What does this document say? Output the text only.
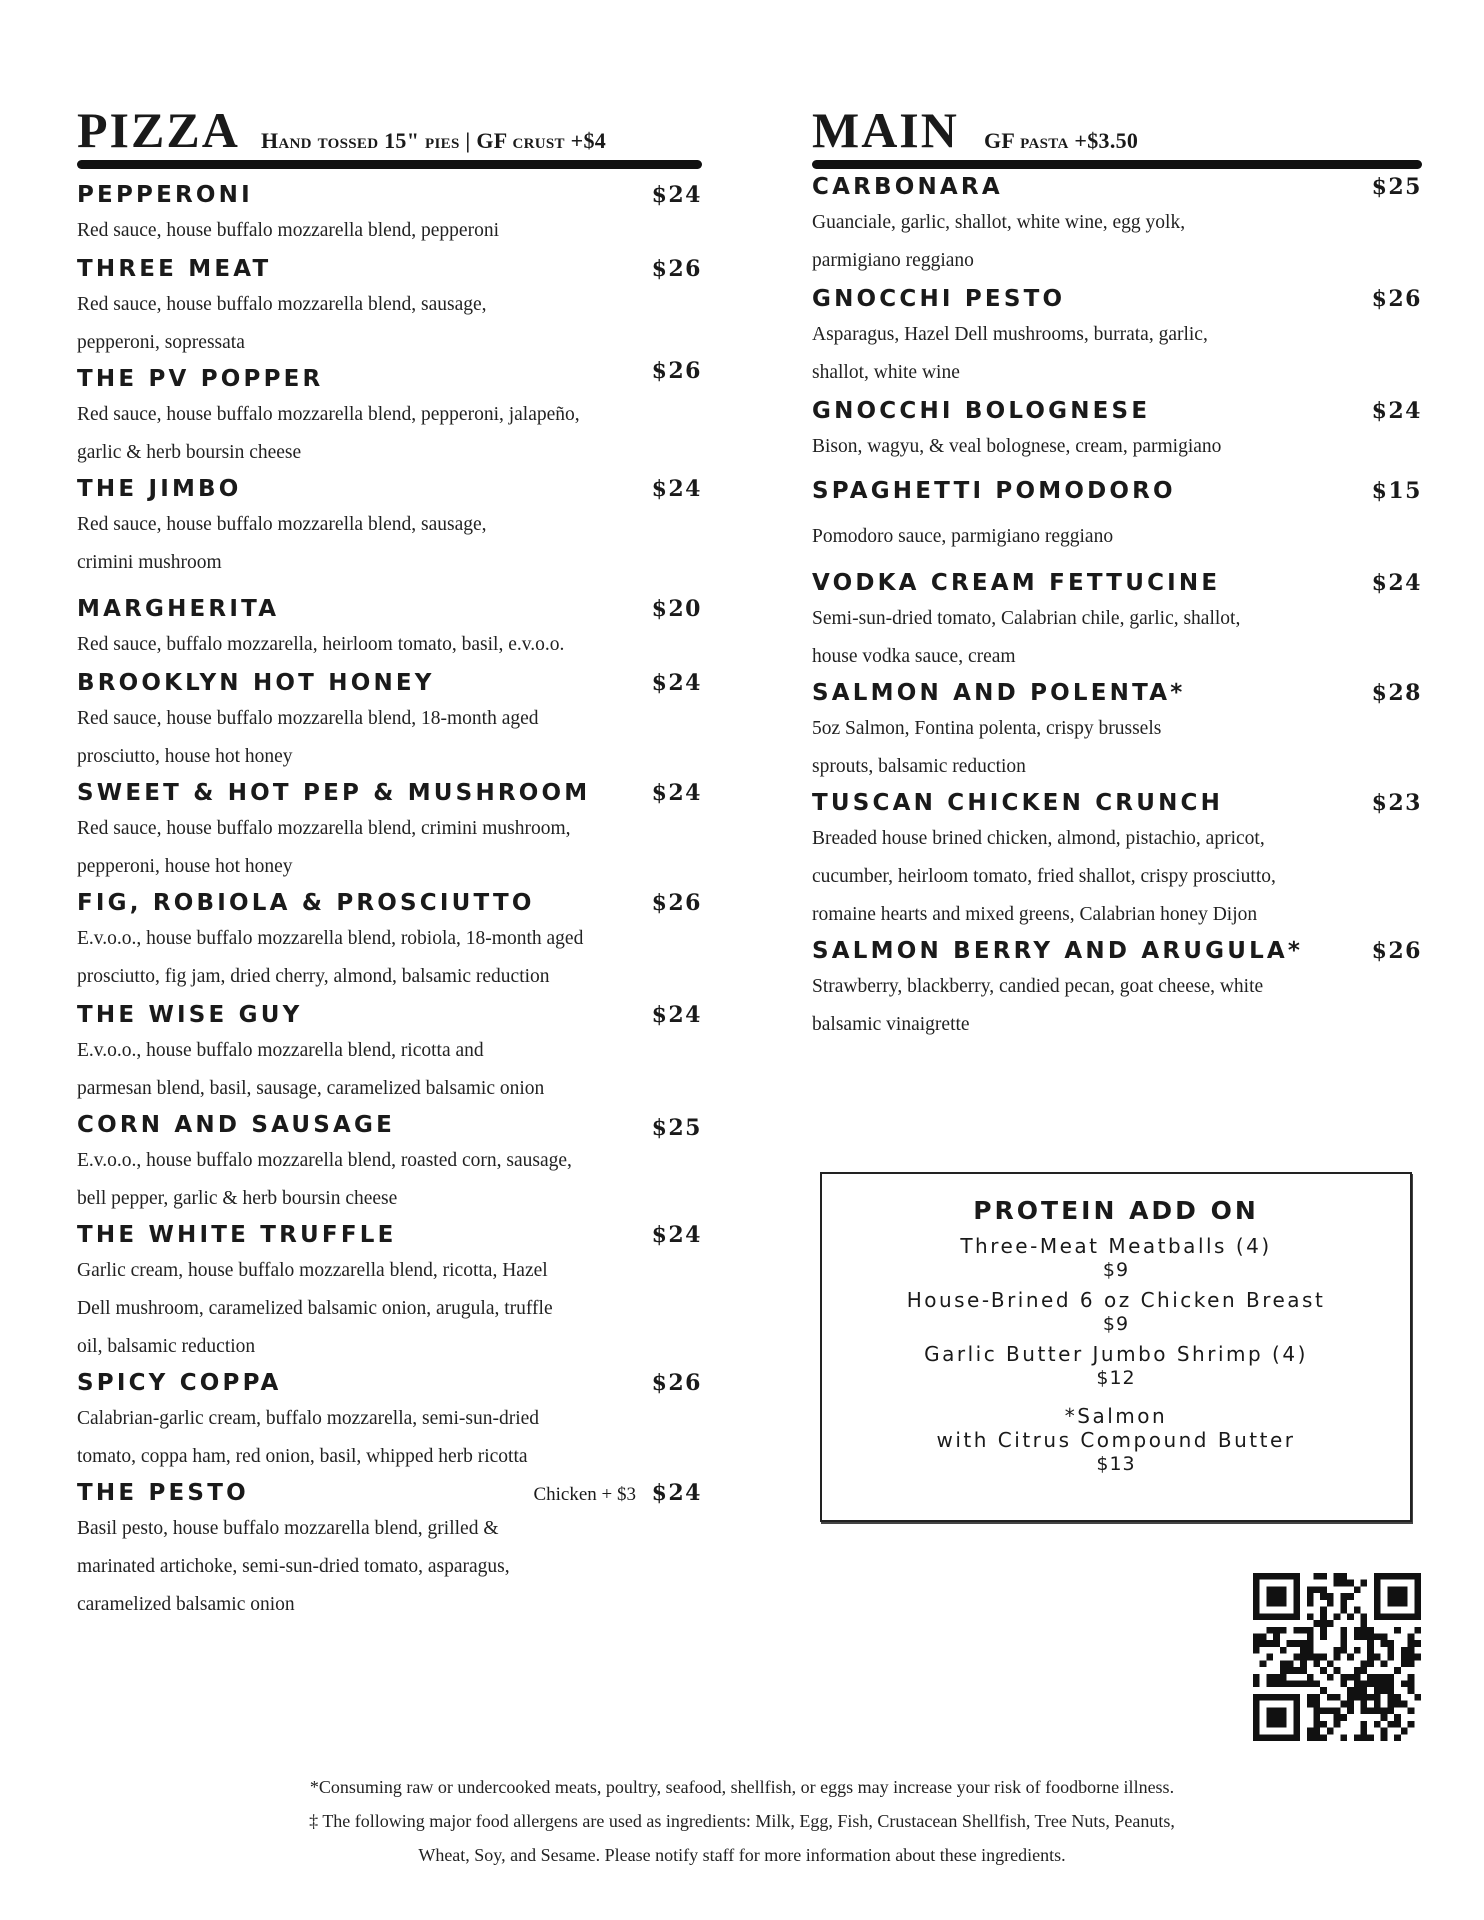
PIZZA Hand tossed 15" pies | GF crust +$4
PEPPERONI	$24
Red sauce, house buffalo mozzarella blend, pepperoni
THREE MEAT	$26
Red sauce, house buffalo mozzarella blend, sausage,
pepperoni, sopressata
THE PV POPPER	$26
Red sauce, house buffalo mozzarella blend, pepperoni, jalapeño,
garlic & herb boursin cheese
THE JIMBO	$24
Red sauce, house buffalo mozzarella blend, sausage,
crimini mushroom
MARGHERITA	$20
Red sauce, buffalo mozzarella, heirloom tomato, basil, e.v.o.o.
BROOKLYN HOT HONEY	$24
Red sauce, house buffalo mozzarella blend, 18-month aged
prosciutto, house hot honey
SWEET & HOT PEP & MUSHROOM	$24
Red sauce, house buffalo mozzarella blend, crimini mushroom,
pepperoni, house hot honey
FIG, ROBIOLA & PROSCIUTTO	$26
E.v.o.o., house buffalo mozzarella blend, robiola, 18-month aged
prosciutto, fig jam, dried cherry, almond, balsamic reduction
THE WISE GUY	$24
E.v.o.o., house buffalo mozzarella blend, ricotta and
parmesan blend, basil, sausage, caramelized balsamic onion
CORN AND SAUSAGE	$25
E.v.o.o., house buffalo mozzarella blend, roasted corn, sausage,
bell pepper, garlic & herb boursin cheese
THE WHITE TRUFFLE	$24
Garlic cream, house buffalo mozzarella blend, ricotta, Hazel
Dell mushroom, caramelized balsamic onion, arugula, truffle
oil, balsamic reduction
SPICY COPPA	$26
Calabrian-garlic cream, buffalo mozzarella, semi-sun-dried
tomato, coppa ham, red onion, basil, whipped herb ricotta
THE PESTO	$24
Chicken + $3
Basil pesto, house buffalo mozzarella blend, grilled &
marinated artichoke, semi-sun-dried tomato, asparagus,
caramelized balsamic onion
MAIN GF pasta +$3.50
CARBONARA	$25
Guanciale, garlic, shallot, white wine, egg yolk,
parmigiano reggiano
GNOCCHI PESTO	$26
Asparagus, Hazel Dell mushrooms, burrata, garlic,
shallot, white wine
GNOCCHI BOLOGNESE	$24
Bison, wagyu, & veal bolognese, cream, parmigiano
SPAGHETTI POMODORO	$15
Pomodoro sauce, parmigiano reggiano
VODKA CREAM FETTUCINE	$24
Semi-sun-dried tomato, Calabrian chile, garlic, shallot,
house vodka sauce, cream
SALMON AND POLENTA*	$28
5oz Salmon, Fontina polenta, crispy brussels
sprouts, balsamic reduction
TUSCAN CHICKEN CRUNCH	$23
Breaded house brined chicken, almond, pistachio, apricot,
cucumber, heirloom tomato, fried shallot, crispy prosciutto,
romaine hearts and mixed greens, Calabrian honey Dijon
SALMON BERRY AND ARUGULA*	$26
Strawberry, blackberry, candied pecan, goat cheese, white
balsamic vinaigrette
PROTEIN ADD ON
Three-Meat Meatballs (4)
$9
House-Brined 6 oz Chicken Breast
$9
Garlic Butter Jumbo Shrimp (4)
$12
*Salmon
with Citrus Compound Butter
$13
*Consuming raw or undercooked meats, poultry, seafood, shellfish, or eggs may increase your risk of foodborne illness.
‡ The following major food allergens are used as ingredients: Milk, Egg, Fish, Crustacean Shellfish, Tree Nuts, Peanuts,
Wheat, Soy, and Sesame. Please notify staff for more information about these ingredients.
